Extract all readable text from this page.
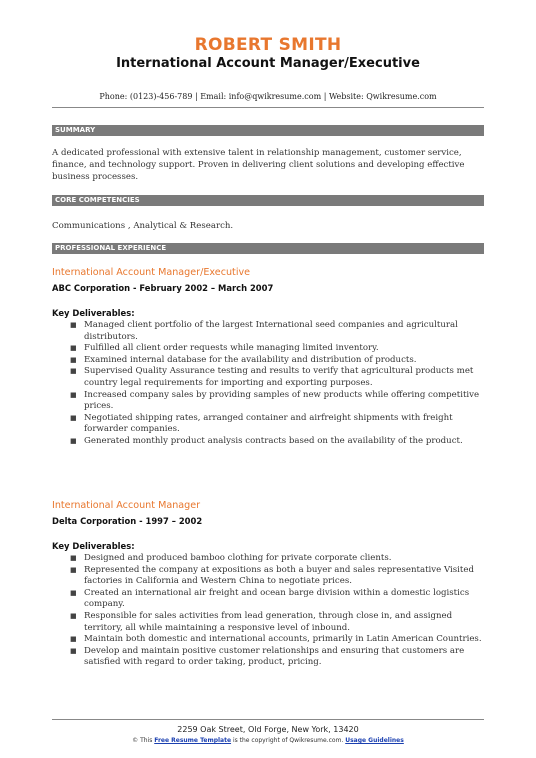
ROBERT SMITH
International Account Manager/Executive
Phone: (0123)-456-789 | Email: info@qwikresume.com | Website: Qwikresume.com
SUMMARY
A dedicated professional with extensive talent in relationship management, customer service, finance, and technology support. Proven in delivering client solutions and developing effective business processes.
CORE COMPETENCIES
Communications , Analytical & Research.
PROFESSIONAL EXPERIENCE
International Account Manager/Executive
ABC Corporation - February 2002 – March 2007
Key Deliverables:
■ Managed client portfolio of the largest International seed companies and agricultural distributors.
■ Fulfilled all client order requests while managing limited inventory.
■ Examined internal database for the availability and distribution of products.
■ Supervised Quality Assurance testing and results to verify that agricultural products met country legal requirements for importing and exporting purposes.
■ Increased company sales by providing samples of new products while offering competitive prices.
■ Negotiated shipping rates, arranged container and airfreight shipments with freight forwarder companies.
■ Generated monthly product analysis contracts based on the availability of the product.
International Account Manager
Delta Corporation - 1997 – 2002
Key Deliverables:
■ Designed and produced bamboo clothing for private corporate clients.
■ Represented the company at expositions as both a buyer and sales representative Visited factories in California and Western China to negotiate prices.
■ Created an international air freight and ocean barge division within a domestic logistics company.
■ Responsible for sales activities from lead generation, through close in, and assigned territory, all while maintaining a responsive level of inbound.
■ Maintain both domestic and international accounts, primarily in Latin American Countries.
■ Develop and maintain positive customer relationships and ensuring that customers are satisfied with regard to order taking, product, pricing.
2259 Oak Street, Old Forge, New York, 13420
© This Free Resume Template is the copyright of Qwikresume.com. Usage Guidelines
